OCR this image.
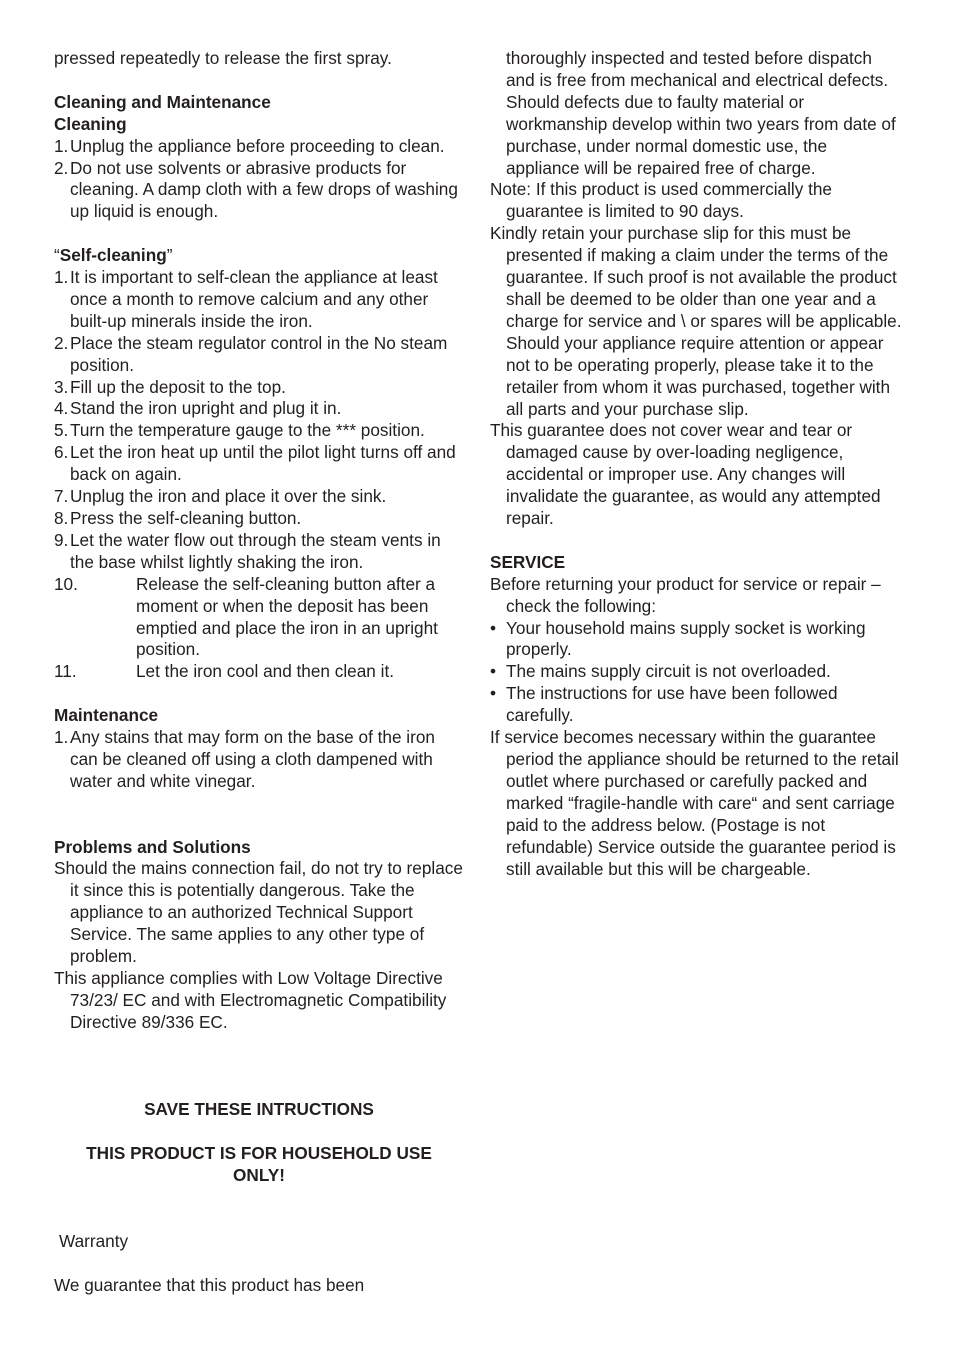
pressed repeatedly to release the first spray.

Cleaning and Maintenance

Cleaning

1. Unplug the appliance before proceeding to clean.
2. Do not use solvents or abrasive products for cleaning. A damp cloth with a few drops of washing up liquid is enough.

“Self-cleaning”

1. It is important to self-clean the appliance at least once a month to remove calcium and any other built-up minerals inside the iron.
2. Place the steam regulator control in the No steam position.
3. Fill up the deposit to the top.
4. Stand the iron upright and plug it in.
5. Turn the temperature gauge to the *** position.
6. Let the iron heat up until the pilot light turns off and back on again.
7. Unplug the iron and place it over the sink.
8. Press the self-cleaning button.
9. Let the water flow out through the steam vents in the base whilst lightly shaking the iron.
10.	Release the self-cleaning button after a moment or when the deposit has been emptied and place the iron in an upright position.
11.	Let the iron cool and then clean it.

Maintenance

1. Any stains that may form on the base of the iron can be cleaned off using a cloth dampened with water and white vinegar.

Problems and Solutions

Should the mains connection fail, do not try to replace it since this is potentially dangerous. Take the appliance to an authorized Technical Support Service. The same applies to any other type of problem.

This appliance complies with Low Voltage Directive 73/23/ EC and with Electromagnetic Compatibility Directive 89/336 EC.

SAVE THESE INTRUCTIONS

THIS PRODUCT IS FOR HOUSEHOLD USE ONLY!

Warranty

We guarantee that this product has been

thoroughly inspected and tested before dispatch and is free from mechanical and electrical defects. Should defects due to faulty material or workmanship develop within two years from date of purchase, under normal domestic use, the appliance will be repaired free of charge.

Note: If this product is used commercially the guarantee is limited to 90 days.

Kindly retain your purchase slip for this must be presented if making a claim under the terms of the guarantee. If such proof is not available the product shall be deemed to be older than one year and a charge for service and \ or spares will be applicable. Should your appliance require attention or appear not to be operating properly, please take it to the retailer from whom it was purchased, together with all parts and your purchase slip.

This guarantee does not cover wear and tear or damaged cause by over-loading negligence, accidental or improper use. Any changes will invalidate the guarantee, as would any attempted repair.

SERVICE

Before returning your product for service or repair – check the following:

• Your household mains supply socket is working properly.
• The mains supply circuit is not overloaded.
• The instructions for use have been followed carefully.

If service becomes necessary within the guarantee period the appliance should be returned to the retail outlet where purchased or carefully packed and marked “fragile-handle with care“ and sent carriage paid to the address below. (Postage is not refundable) Service outside the guarantee period is still available but this will be chargeable.
